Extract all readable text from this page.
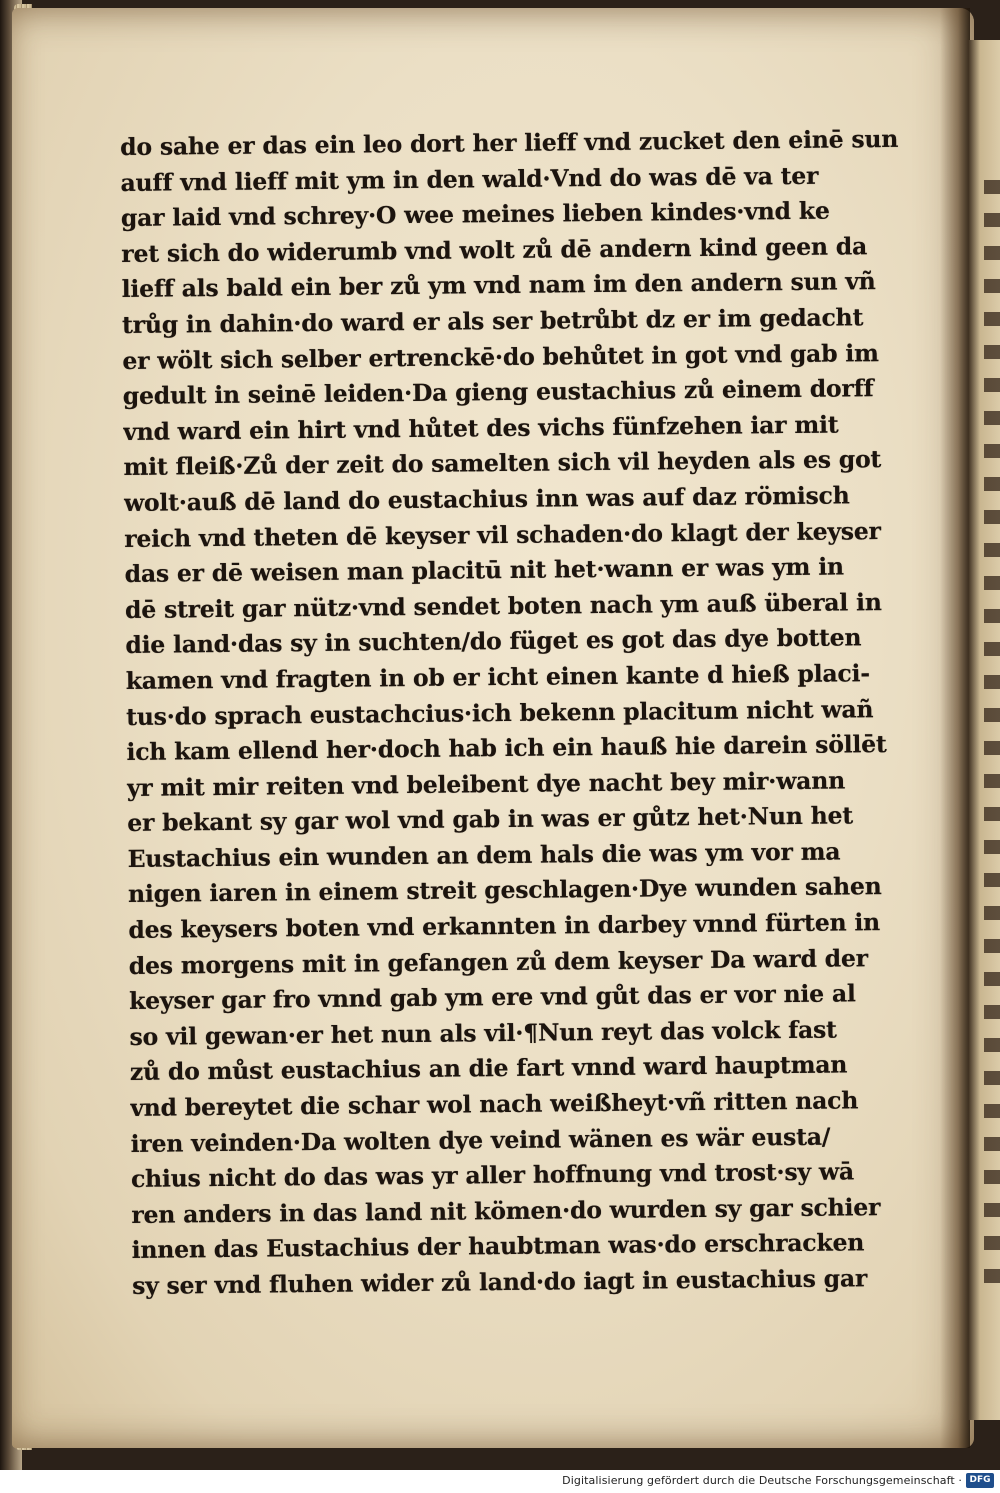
do sahe er das ein leo dort her lieff vnd zucket den einē sun
auff vnd lieff mit ym in den wald·Vnd do was dē va ter
gar laid vnd schrey·O wee meines lieben kindes·vnd ke
ret sich do widerumb vnd wolt zů dē andern kind geen da
lieff als bald ein ber zů ym vnd nam im den andern sun vñ
trůg in dahin·do ward er als ser betrůbt dz er im gedacht
er wölt sich selber ertrenckē·do behůtet in got vnd gab im
gedult in seinē leiden·Da gieng eustachius zů einem dorff
vnd ward ein hirt vnd hůtet des vichs fünfzehen iar mit
mit fleiß·Zů der zeit do samelten sich vil heyden als es got
wolt·auß dē land do eustachius inn was auf daz römisch
reich vnd theten dē keyser vil schaden·do klagt der keyser
das er dē weisen man placitū nit het·wann er was ym in
dē streit gar nütz·vnd sendet boten nach ym auß überal in
die land·das sy in suchten/do füget es got das dye botten
kamen vnd fragten in ob er icht einen kante d hieß placi-
tus·do sprach eustachcius·ich bekenn placitum nicht wañ
ich kam ellend her·doch hab ich ein hauß hie darein söllēt
yr mit mir reiten vnd beleibent dye nacht bey mir·wann
er bekant sy gar wol vnd gab in was er gůtz het·Nun het
Eustachius ein wunden an dem hals die was ym vor ma
nigen iaren in einem streit geschlagen·Dye wunden sahen
des keysers boten vnd erkannten in darbey vnnd fürten in
des morgens mit in gefangen zů dem keyser Da ward der
keyser gar fro vnnd gab ym ere vnd gůt das er vor nie al
so vil gewan·er het nun als vil·¶Nun reyt das volck fast
zů do můst eustachius an die fart vnnd ward hauptman
vnd bereytet die schar wol nach weißheyt·vñ ritten nach
iren veinden·Da wolten dye veind wänen es wär eusta/
chius nicht do das was yr aller hoffnung vnd trost·sy wā
ren anders in das land nit kömen·do wurden sy gar schier
innen das Eustachius der haubtman was·do erschracken
sy ser vnd fluhen wider zů land·do iagt in eustachius gar
Digitalisierung gefördert durch die Deutsche Forschungsgemeinschaft · DFG
